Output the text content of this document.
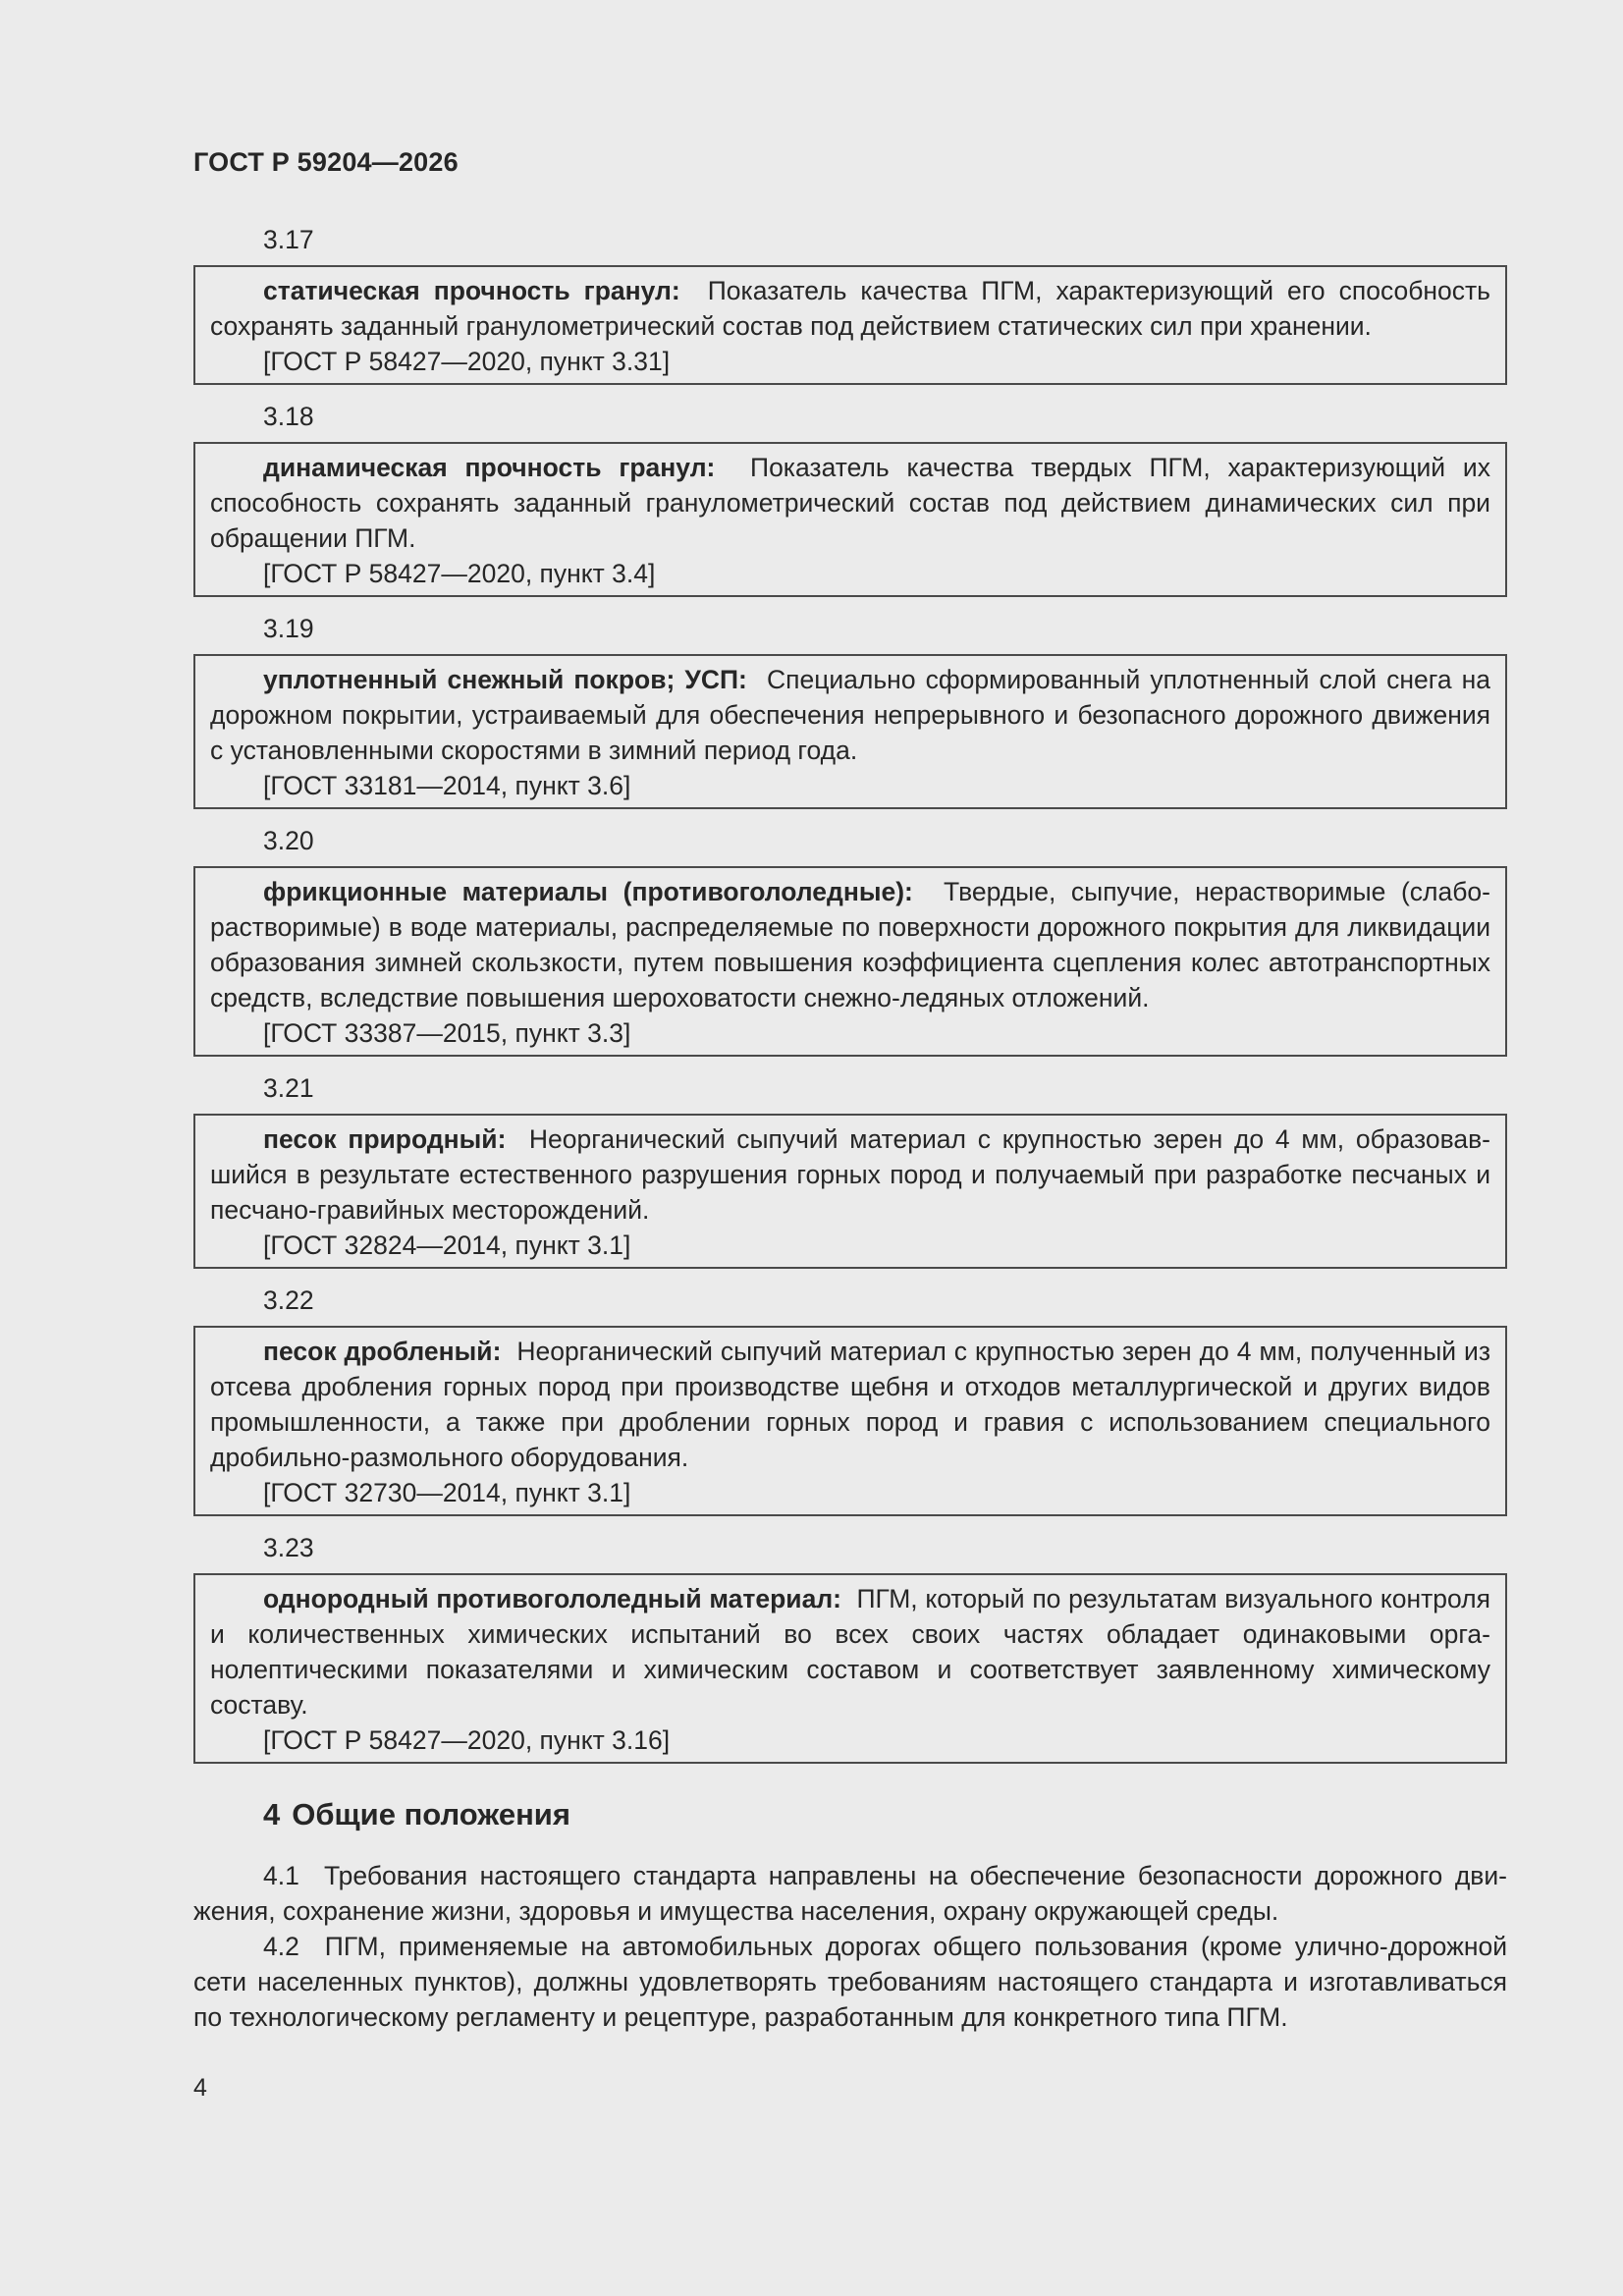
ГОСТ Р 59204—2026
3.17

статическая прочность гранул: Показатель качества ПГМ, характеризующий его способность сохранять заданный гранулометрический состав под действием статических сил при хранении.

[ГОСТ Р 58427—2020, пункт 3.31]

3.18

динамическая прочность гранул: Показатель качества твердых ПГМ, характеризующий их способность сохранять заданный гранулометрический состав под действием динамических сил при обращении ПГМ.

[ГОСТ Р 58427—2020, пункт 3.4]

3.19

уплотненный снежный покров; УСП: Специально сформированный уплотненный слой снега на дорожном покрытии, устраиваемый для обеспечения непрерывного и безопасного дорожного движения с установленными скоростями в зимний период года.

[ГОСТ 33181—2014, пункт 3.6]

3.20

фрикционные материалы (противогололедные): Твердые, сыпучие, нерастворимые (слаборастворимые) в воде материалы, распределяемые по поверхности дорожного покрытия для ликвидации образования зимней скользкости, путем повышения коэффициента сцепления колес автотранспортных средств, вследствие повышения шероховатости снежно-ледяных отложений.

[ГОСТ 33387—2015, пункт 3.3]

3.21

песок природный: Неорганический сыпучий материал с крупностью зерен до 4 мм, образовавшийся в результате естественного разрушения горных пород и получаемый при разработке песчаных и песчано-гравийных месторождений.

[ГОСТ 32824—2014, пункт 3.1]

3.22

песок дробленый: Неорганический сыпучий материал с крупностью зерен до 4 мм, полученный из отсева дробления горных пород при производстве щебня и отходов металлургической и других видов промышленности, а также при дроблении горных пород и гравия с использованием специального дробильно-размольного оборудования.

[ГОСТ 32730—2014, пункт 3.1]

3.23

однородный противогололедный материал: ПГМ, который по результатам визуального контроля и количественных химических испытаний во всех своих частях обладает одинаковыми органолептическими показателями и химическим составом и соответствует заявленному химическому составу.

[ГОСТ Р 58427—2020, пункт 3.16]

4 Общие положения

4.1 Требования настоящего стандарта направлены на обеспечение безопасности дорожного движения, сохранение жизни, здоровья и имущества населения, охрану окружающей среды.

4.2 ПГМ, применяемые на автомобильных дорогах общего пользования (кроме улично-дорожной сети населенных пунктов), должны удовлетворять требованиям настоящего стандарта и изготавливаться по технологическому регламенту и рецептуре, разработанным для конкретного типа ПГМ.

4
